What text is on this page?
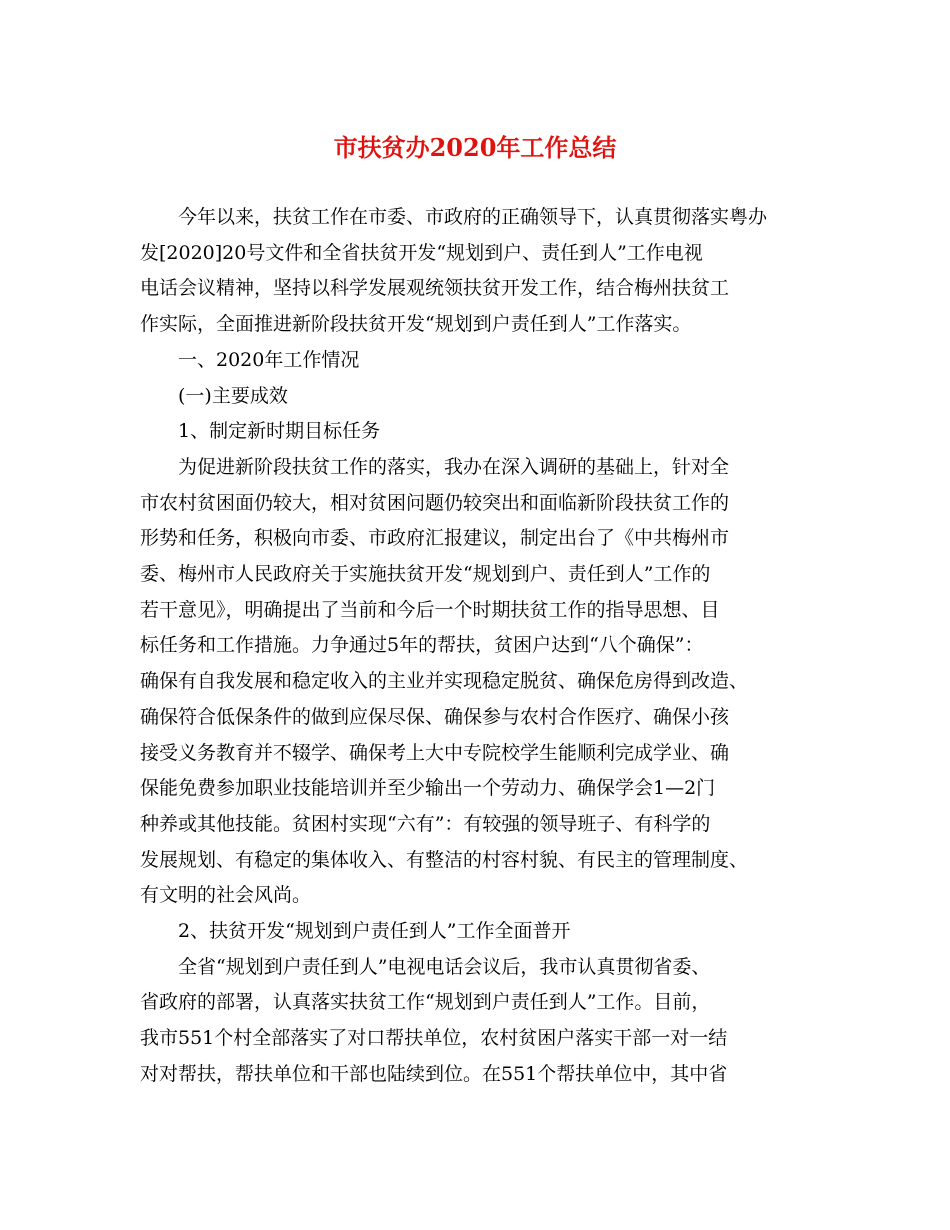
市扶贫办2020年工作总结
今年以来，扶贫工作在市委、市政府的正确领导下，认真贯彻落实粤办
发[2020]20号文件和全省扶贫开发“规划到户、责任到人”工作电视
电话会议精神，坚持以科学发展观统领扶贫开发工作，结合梅州扶贫工
作实际，全面推进新阶段扶贫开发“规划到户责任到人”工作落实。
一、2020年工作情况
(一)主要成效
1、制定新时期目标任务
为促进新阶段扶贫工作的落实，我办在深入调研的基础上，针对全
市农村贫困面仍较大，相对贫困问题仍较突出和面临新阶段扶贫工作的
形势和任务，积极向市委、市政府汇报建议，制定出台了《中共梅州市
委、梅州市人民政府关于实施扶贫开发“规划到户、责任到人”工作的
若干意见》，明确提出了当前和今后一个时期扶贫工作的指导思想、目
标任务和工作措施。力争通过5年的帮扶，贫困户达到“八个确保”：
确保有自我发展和稳定收入的主业并实现稳定脱贫、确保危房得到改造、
确保符合低保条件的做到应保尽保、确保参与农村合作医疗、确保小孩
接受义务教育并不辍学、确保考上大中专院校学生能顺利完成学业、确
保能免费参加职业技能培训并至少输出一个劳动力、确保学会1—2门
种养或其他技能。贫困村实现“六有”：有较强的领导班子、有科学的
发展规划、有稳定的集体收入、有整洁的村容村貌、有民主的管理制度、
有文明的社会风尚。
2、扶贫开发“规划到户责任到人”工作全面普开
全省“规划到户责任到人”电视电话会议后，我市认真贯彻省委、
省政府的部署，认真落实扶贫工作“规划到户责任到人”工作。目前，
我市551个村全部落实了对口帮扶单位，农村贫困户落实干部一对一结
对对帮扶，帮扶单位和干部也陆续到位。在551个帮扶单位中，其中省
